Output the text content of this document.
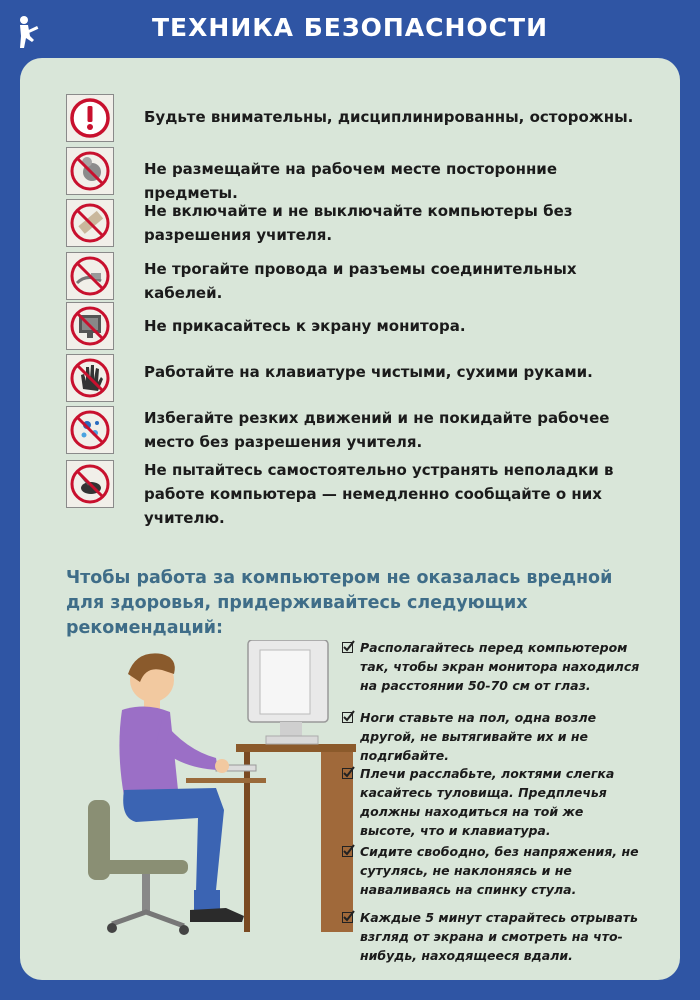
ТЕХНИКА БЕЗОПАСНОСТИ
Будьте внимательны, дисциплинированны, осторожны.
Не размещайте на рабочем месте посторонние предметы.
Не включайте и не выключайте компьютеры без разрешения учителя.
Не трогайте провода и разъемы соединительных кабелей.
Не прикасайтесь к экрану монитора.
Работайте на клавиатуре чистыми, сухими руками.
Избегайте резких движений и не покидайте рабочее место без разрешения учителя.
Не пытайтесь самостоятельно устранять неполадки в работе компьютера — немедленно сообщайте о них учителю.
Чтобы работа за компьютером не оказалась вредной для здоровья, придерживайтесь следующих рекомендаций:
Располагайтесь перед компьютером так, чтобы экран монитора находился на расстоянии 50-70 см от глаз.
Ноги ставьте на пол, одна возле другой, не вытягивайте их и не подгибайте.
Плечи расслабьте, локтями слегка касайтесь туловища. Предплечья должны находиться на той же высоте, что и клавиатура.
Сидите свободно, без напряжения, не сутулясь, не наклоняясь и не наваливаясь на спинку стула.
Каждые 5 минут старайтесь отрывать взгляд от экрана и смотреть на что-нибудь, находящееся вдали.
